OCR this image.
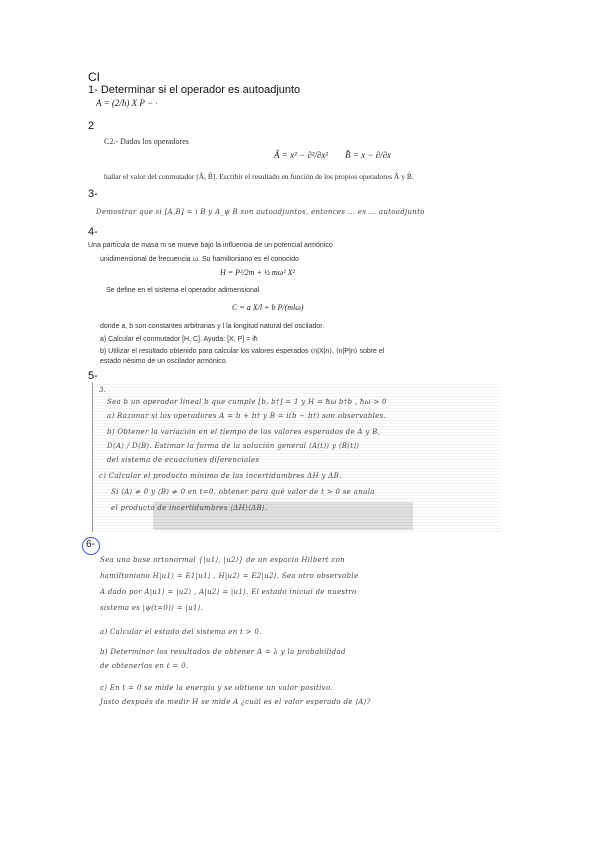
CI
1- Determinar si el operador es autoadjunto
A = (2/ħ) X P − ·
2
C2.- Dados los operadores
Â = x² − ∂²/∂x² B̂ = x − ∂/∂x
hallar el valor del conmutador [Â, B̂]. Escribir el resultado en función de los propios operadores Â y B̂.
3-
Demostrar que si [A,B] = i B y A_ψ B son autoadjuntos, entonces ... es ... autoadjunto
4-
Una partícula de masa m se mueve bajo la influencia de un potencial armónico
unidimensional de frecuencia ω. Su hamiltoniano es el conocido
H = P²/2m + ½ mω² X²
Se define en el sistema el operador adimensional
C = a X/l + b P/(mlω)
donde a, b son constantes arbitrarias y l la longitud natural del oscilador.
a) Calcular el conmutador [H, C]. Ayuda: [X, P] = iħ
b) Utilizar el resultado obtenido para calcular los valores esperados ⟨n|X|n⟩, ⟨n|P|n⟩ sobre el
estado nésimo de un oscilador armónico.
5-
3.
Sea b un operador lineal b que cumple [b, b†] = 1 y H = ħω b†b , ħω > 0
a) Razonar si los operadores A = b + b† y B = i(b − b†) son observables.
b) Obtener la variación en el tiempo de los valores esperados de A y B,
D⟨A⟩ / D⟨B⟩. Estimar la forma de la solución general ⟨A(t)⟩ y ⟨B(t)⟩
del sistema de ecuaciones diferenciales
c) Calcular el producto mínimo de las incertidumbres ΔH y ΔB.
Si ⟨A⟩ ≠ 0 y ⟨B⟩ ≠ 0 en t=0, obtener para qué valor de t > 0 se anula
el producto de incertidumbres ⟨ΔH⟩⟨ΔB⟩.
6-
Sea una base ortonormal {|u1⟩, |u2⟩} de un espacio Hilbert con
hamiltoniano H|u1⟩ = E1|u1⟩ , H|u2⟩ = E2|u2⟩. Sea otro observable
A dado por A|u1⟩ = |u2⟩ , A|u2⟩ = |u1⟩. El estado inicial de nuestro
sistema es |ψ(t=0)⟩ = |u1⟩.
a) Calcular el estado del sistema en t > 0.
b) Determinar los resultados de obtener A = λ y la probabilidad
de obtenerlos en t = 0.
c) En t = 0 se mide la energía y se obtiene un valor positivo.
Justo después de medir H se mide A ¿cuál es el valor esperado de ⟨A⟩?
